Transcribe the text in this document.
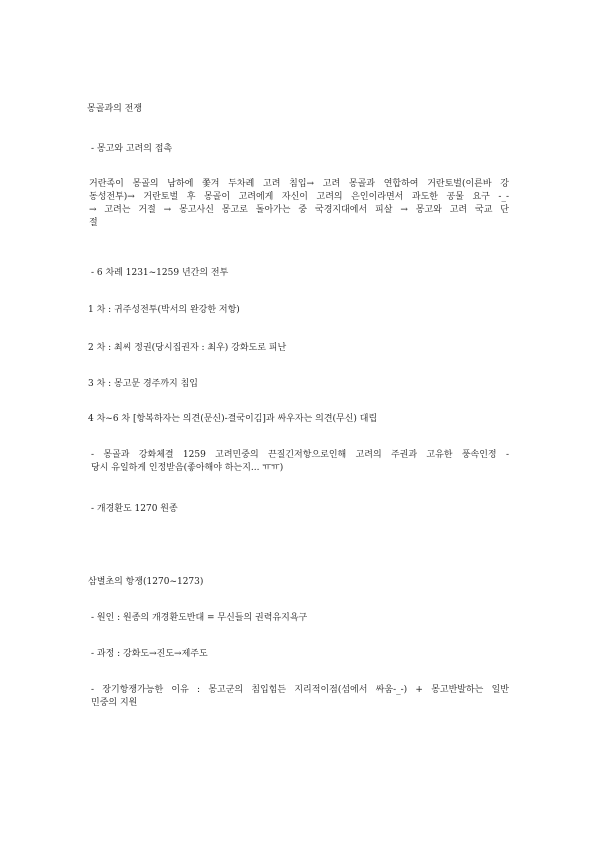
몽골과의 전쟁

- 몽고와 고려의 접촉

거란족이 몽골의 남하에 쫓겨 두차례 고려 침입→ 고려 몽골과 연합하여 거란토벌(이른바 강
동성전투)→ 거란토벌 후 몽골이 고려에게 자신이 고려의 은인이라면서 과도한 공물 요구 -_-
→ 고려는 거절 → 몽고사신 몽고로 돌아가는 중 국경지대에서 피살 → 몽고와 고려 국교 단
절

- 6 차례 1231~1259 년간의 전투

1 차 : 귀주성전투(박서의 완강한 저항)

2 차 : 최씨 정권(당시집권자 : 최우) 강화도로 피난

3 차 : 몽고문 경주까지 침입

4 차~6 차 [항복하자는 의견(문신)-결국이김]과 싸우자는 의견(무신) 대립

- 몽골과 강화체결 1259 고려민중의 끈질긴저항으로인해 고려의 주권과 고유한 풍속인정 -
당시 유일하게 인정받음(좋아해야 하는지... ㅠㅠ)

- 개경환도 1270 원종

삼별초의 항쟁(1270~1273)

- 원인 : 원종의 개경환도반대 = 무신들의 권력유지욕구

- 과정 : 강화도→진도→제주도

- 장기항쟁가능한 이유 : 몽고군의 침입힘든 지리적이점(섬에서 싸움-_-) + 몽고반발하는 일반
민중의 지원
